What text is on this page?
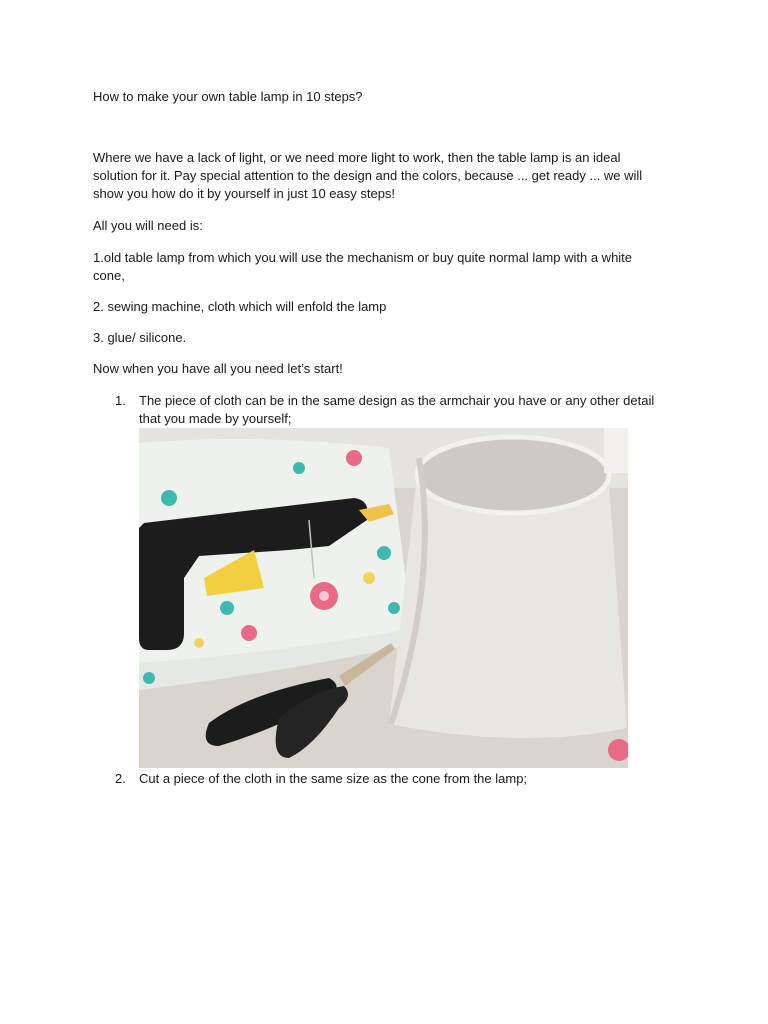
How to make your own table lamp in 10 steps?

Where we have a lack of light, or we need more light to work, then the table lamp is an ideal solution for it. Pay special attention to the design and the colors, because ... get ready ... we will show you how do it by yourself in just 10 easy steps!

All you will need is:

1.old table lamp from which you will use the mechanism or buy quite normal lamp with a white cone,

2. sewing machine, cloth which will enfold the lamp

3. glue/ silicone.

Now when you have all you need let’s start!

1. The piece of cloth can be in the same design as the armchair you have or any other detail that you made by yourself;
2. Cut a piece of the cloth in the same size as the cone from the lamp;
